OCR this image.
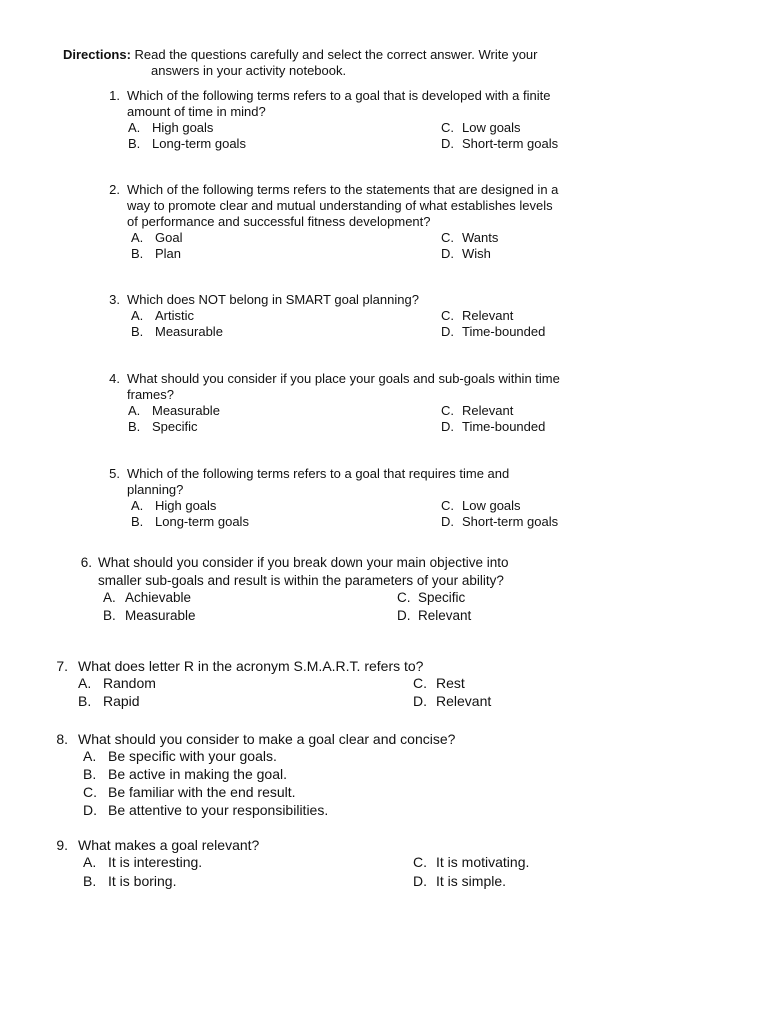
Directions: Read the questions carefully and select the correct answer. Write your
answers in your activity notebook.
1. Which of the following terms refers to a goal that is developed with a finite
amount of time in mind?
A. High goals
B. Long-term goals
C. Low goals
D. Short-term goals
2. Which of the following terms refers to the statements that are designed in a
way to promote clear and mutual understanding of what establishes levels
of performance and successful fitness development?
A. Goal
B. Plan
C. Wants
D. Wish
3. Which does NOT belong in SMART goal planning?
A. Artistic
B. Measurable
C. Relevant
D. Time-bounded
4. What should you consider if you place your goals and sub-goals within time
frames?
A. Measurable
B. Specific
C. Relevant
D. Time-bounded
5. Which of the following terms refers to a goal that requires time and
planning?
A. High goals
B. Long-term goals
C. Low goals
D. Short-term goals
6. What should you consider if you break down your main objective into
smaller sub-goals and result is within the parameters of your ability?
A. Achievable
B. Measurable
C. Specific
D. Relevant
7. What does letter R in the acronym S.M.A.R.T. refers to?
A. Random
B. Rapid
C. Rest
D. Relevant
8. What should you consider to make a goal clear and concise?
A. Be specific with your goals.
B. Be active in making the goal.
C. Be familiar with the end result.
D. Be attentive to your responsibilities.
9. What makes a goal relevant?
A. It is interesting.
B. It is boring.
C. It is motivating.
D. It is simple.
